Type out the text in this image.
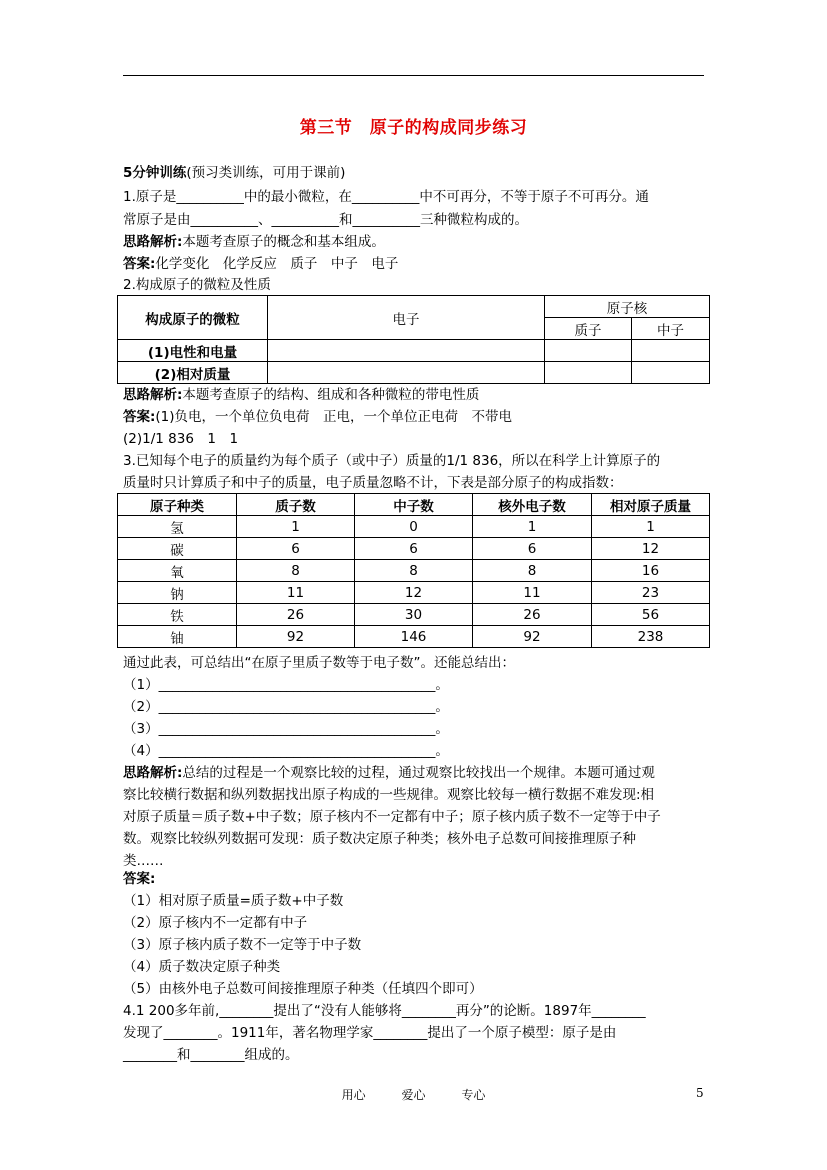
第三节　原子的构成同步练习
5分钟训练(预习类训练，可用于课前)
1.原子是__________中的最小微粒，在__________中不可再分，不等于原子不可再分。通
常原子是由__________、__________和__________三种微粒构成的。
思路解析:本题考查原子的概念和基本组成。
答案:化学变化　化学反应　质子　中子　电子
2.构成原子的微粒及性质
构成原子的微粒	电子	原子核	
		质子	中子
(1)电性和电量			
(2)相对质量			
思路解析:本题考查原子的结构、组成和各种微粒的带电性质
答案:(1)负电，一个单位负电荷　正电，一个单位正电荷　不带电
(2)1/1 836　1　1
3.已知每个电子的质量约为每个质子（或中子）质量的1/1 836，所以在科学上计算原子的
质量时只计算质子和中子的质量，电子质量忽略不计，下表是部分原子的构成指数：
原子种类	质子数	中子数	核外电子数	相对原子质量
氢	1	0	1	1
碳	6	6	6	12
氧	8	8	8	16
钠	11	12	11	23
铁	26	30	26	56
铀	92	146	92	238
通过此表，可总结出“在原子里质子数等于电子数”。还能总结出：
（1）_________________________________________。
（2）_________________________________________。
（3）_________________________________________。
（4）_________________________________________。
思路解析:总结的过程是一个观察比较的过程，通过观察比较找出一个规律。本题可通过观
察比较横行数据和纵列数据找出原子构成的一些规律。观察比较每一横行数据不难发现:相
对原子质量＝质子数+中子数；原子核内不一定都有中子；原子核内质子数不一定等于中子
数。观察比较纵列数据可发现：质子数决定原子种类；核外电子总数可间接推理原子种
类……
答案:
（1）相对原子质量=质子数+中子数
（2）原子核内不一定都有中子
（3）原子核内质子数不一定等于中子数
（4）质子数决定原子种类
（5）由核外电子总数可间接推理原子种类（任填四个即可）
4.1 200多年前,________提出了“没有人能够将________再分”的论断。1897年________
发现了________。1911年，著名物理学家________提出了一个原子模型：原子是由
________和________组成的。
用心	爱心	专心	5
